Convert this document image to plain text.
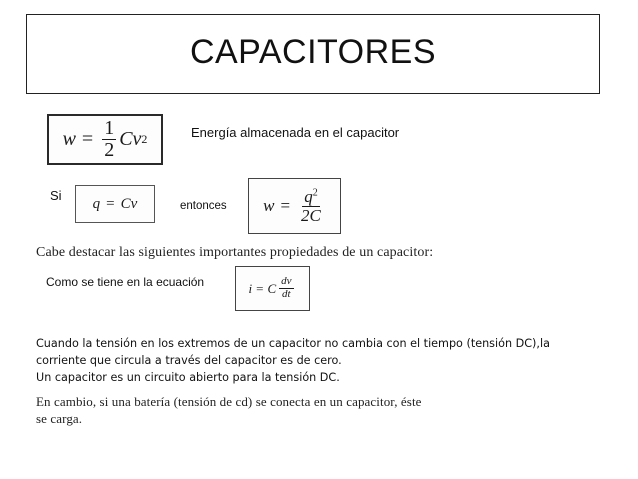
CAPACITORES
$w = \frac{1}{2}$ Cv 2	Energía almacenada en el capacitor
Si q = Cv	entonces $w = \frac{q^2}{2C}$
Cabe destacar las siguientes importantes propiedades de un capacitor:
Como se tiene en la ecuación	i = C $\frac{dv}{dt}$
Cuando la tensión en los extremos de un capacitor no cambia con el tiempo (tensión DC),la
corriente que circula a través del capacitor es de cero.
Un capacitor es un circuito abierto para la tensión DC.
En cambio, si una batería (tensión de cd) se conecta en un capacitor, éste
se carga.
